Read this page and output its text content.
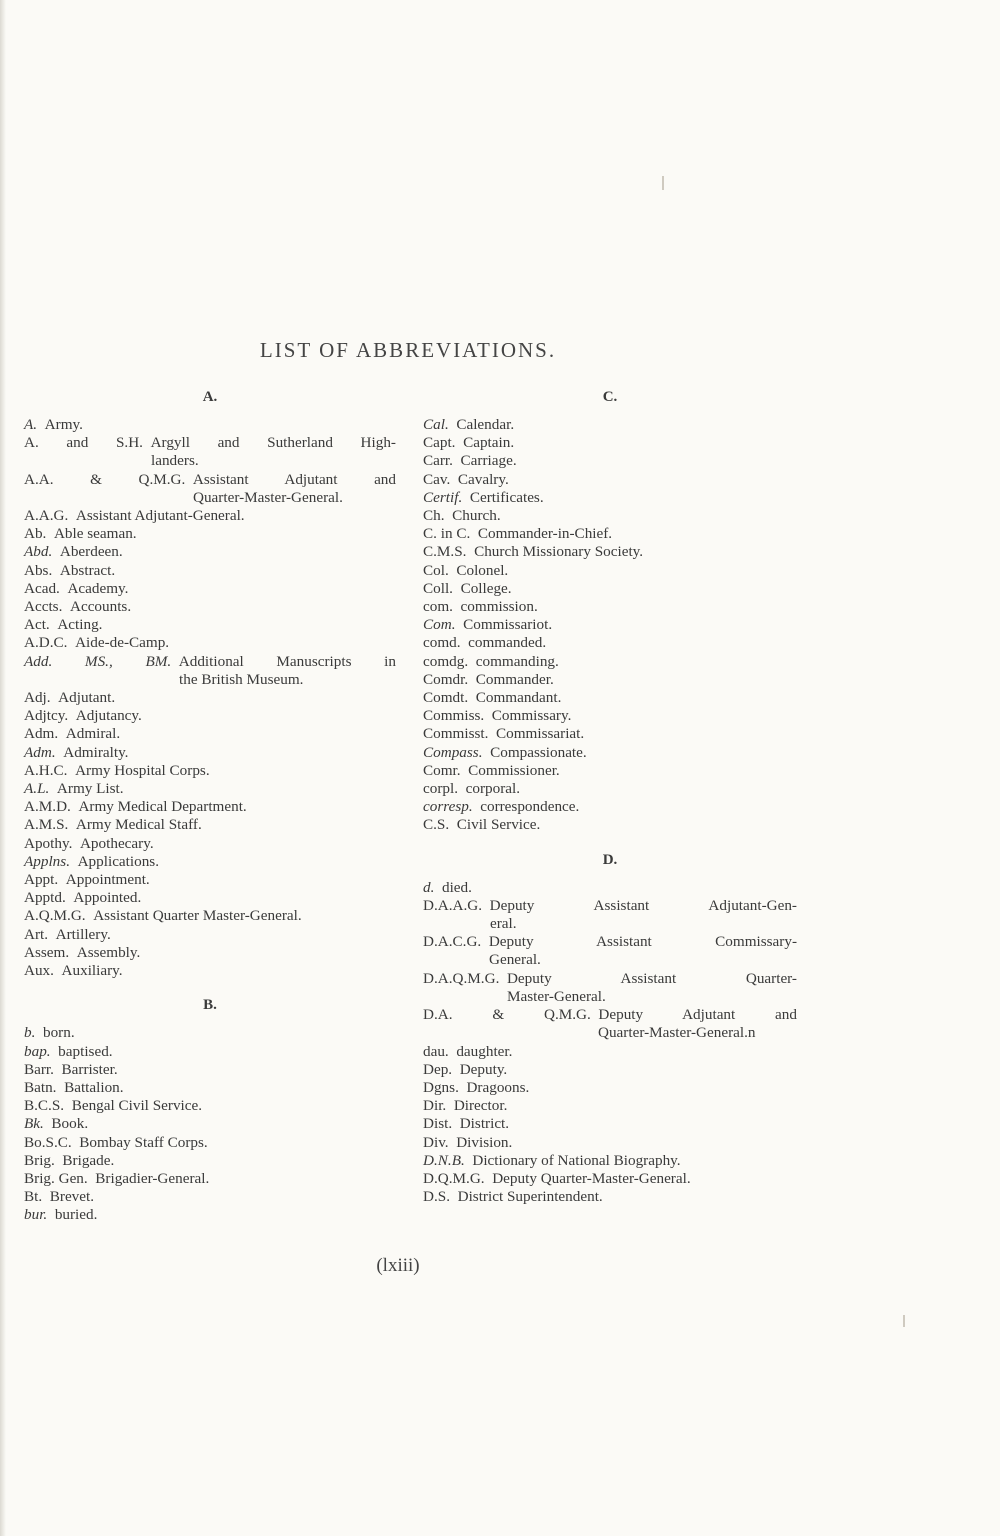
LIST OF ABBREVIATIONS.
A.
A.  Army.
A. and S.H.  Argyll and Sutherland High-
landers.
A.A. & Q.M.G.  Assistant Adjutant and
Quarter-Master-General.
A.A.G.  Assistant Adjutant-General.
Ab.  Able seaman.
Abd.  Aberdeen.
Abs.  Abstract.
Acad.  Academy.
Accts.  Accounts.
Act.  Acting.
A.D.C.  Aide-de-Camp.
Add. MS., BM.  Additional Manuscripts in
the British Museum.
Adj.  Adjutant.
Adjtcy.  Adjutancy.
Adm.  Admiral.
Adm.  Admiralty.
A.H.C.  Army Hospital Corps.
A.L.  Army List.
A.M.D.  Army Medical Department.
A.M.S.  Army Medical Staff.
Apothy.  Apothecary.
Applns.  Applications.
Appt.  Appointment.
Apptd.  Appointed.
A.Q.M.G.  Assistant Quarter Master-General.
Art.  Artillery.
Assem.  Assembly.
Aux.  Auxiliary.
B.
b.  born.
bap.  baptised.
Barr.  Barrister.
Batn.  Battalion.
B.C.S.  Bengal Civil Service.
Bk.  Book.
Bo.S.C.  Bombay Staff Corps.
Brig.  Brigade.
Brig. Gen.  Brigadier-General.
Bt.  Brevet.
bur.  buried.
C.
Cal.  Calendar.
Capt.  Captain.
Carr.  Carriage.
Cav.  Cavalry.
Certif.  Certificates.
Ch.  Church.
C. in C.  Commander-in-Chief.
C.M.S.  Church Missionary Society.
Col.  Colonel.
Coll.  College.
com.  commission.
Com.  Commissariot.
comd.  commanded.
comdg.  commanding.
Comdr.  Commander.
Comdt.  Commandant.
Commiss.  Commissary.
Commisst.  Commissariat.
Compass.  Compassionate.
Comr.  Commissioner.
corpl.  corporal.
corresp.  correspondence.
C.S.  Civil Service.
D.
d.  died.
D.A.A.G.  Deputy Assistant Adjutant-Gen-
eral.
D.A.C.G.  Deputy Assistant Commissary-
General.
D.A.Q.M.G.  Deputy Assistant Quarter-
Master-General.
D.A. & Q.M.G.  Deputy Adjutant and
Quarter-Master-General.n
dau.  daughter.
Dep.  Deputy.
Dgns.  Dragoons.
Dir.  Director.
Dist.  District.
Div.  Division.
D.N.B.  Dictionary of National Biography.
D.Q.M.G.  Deputy Quarter-Master-General.
D.S.  District Superintendent.
(lxiii)
